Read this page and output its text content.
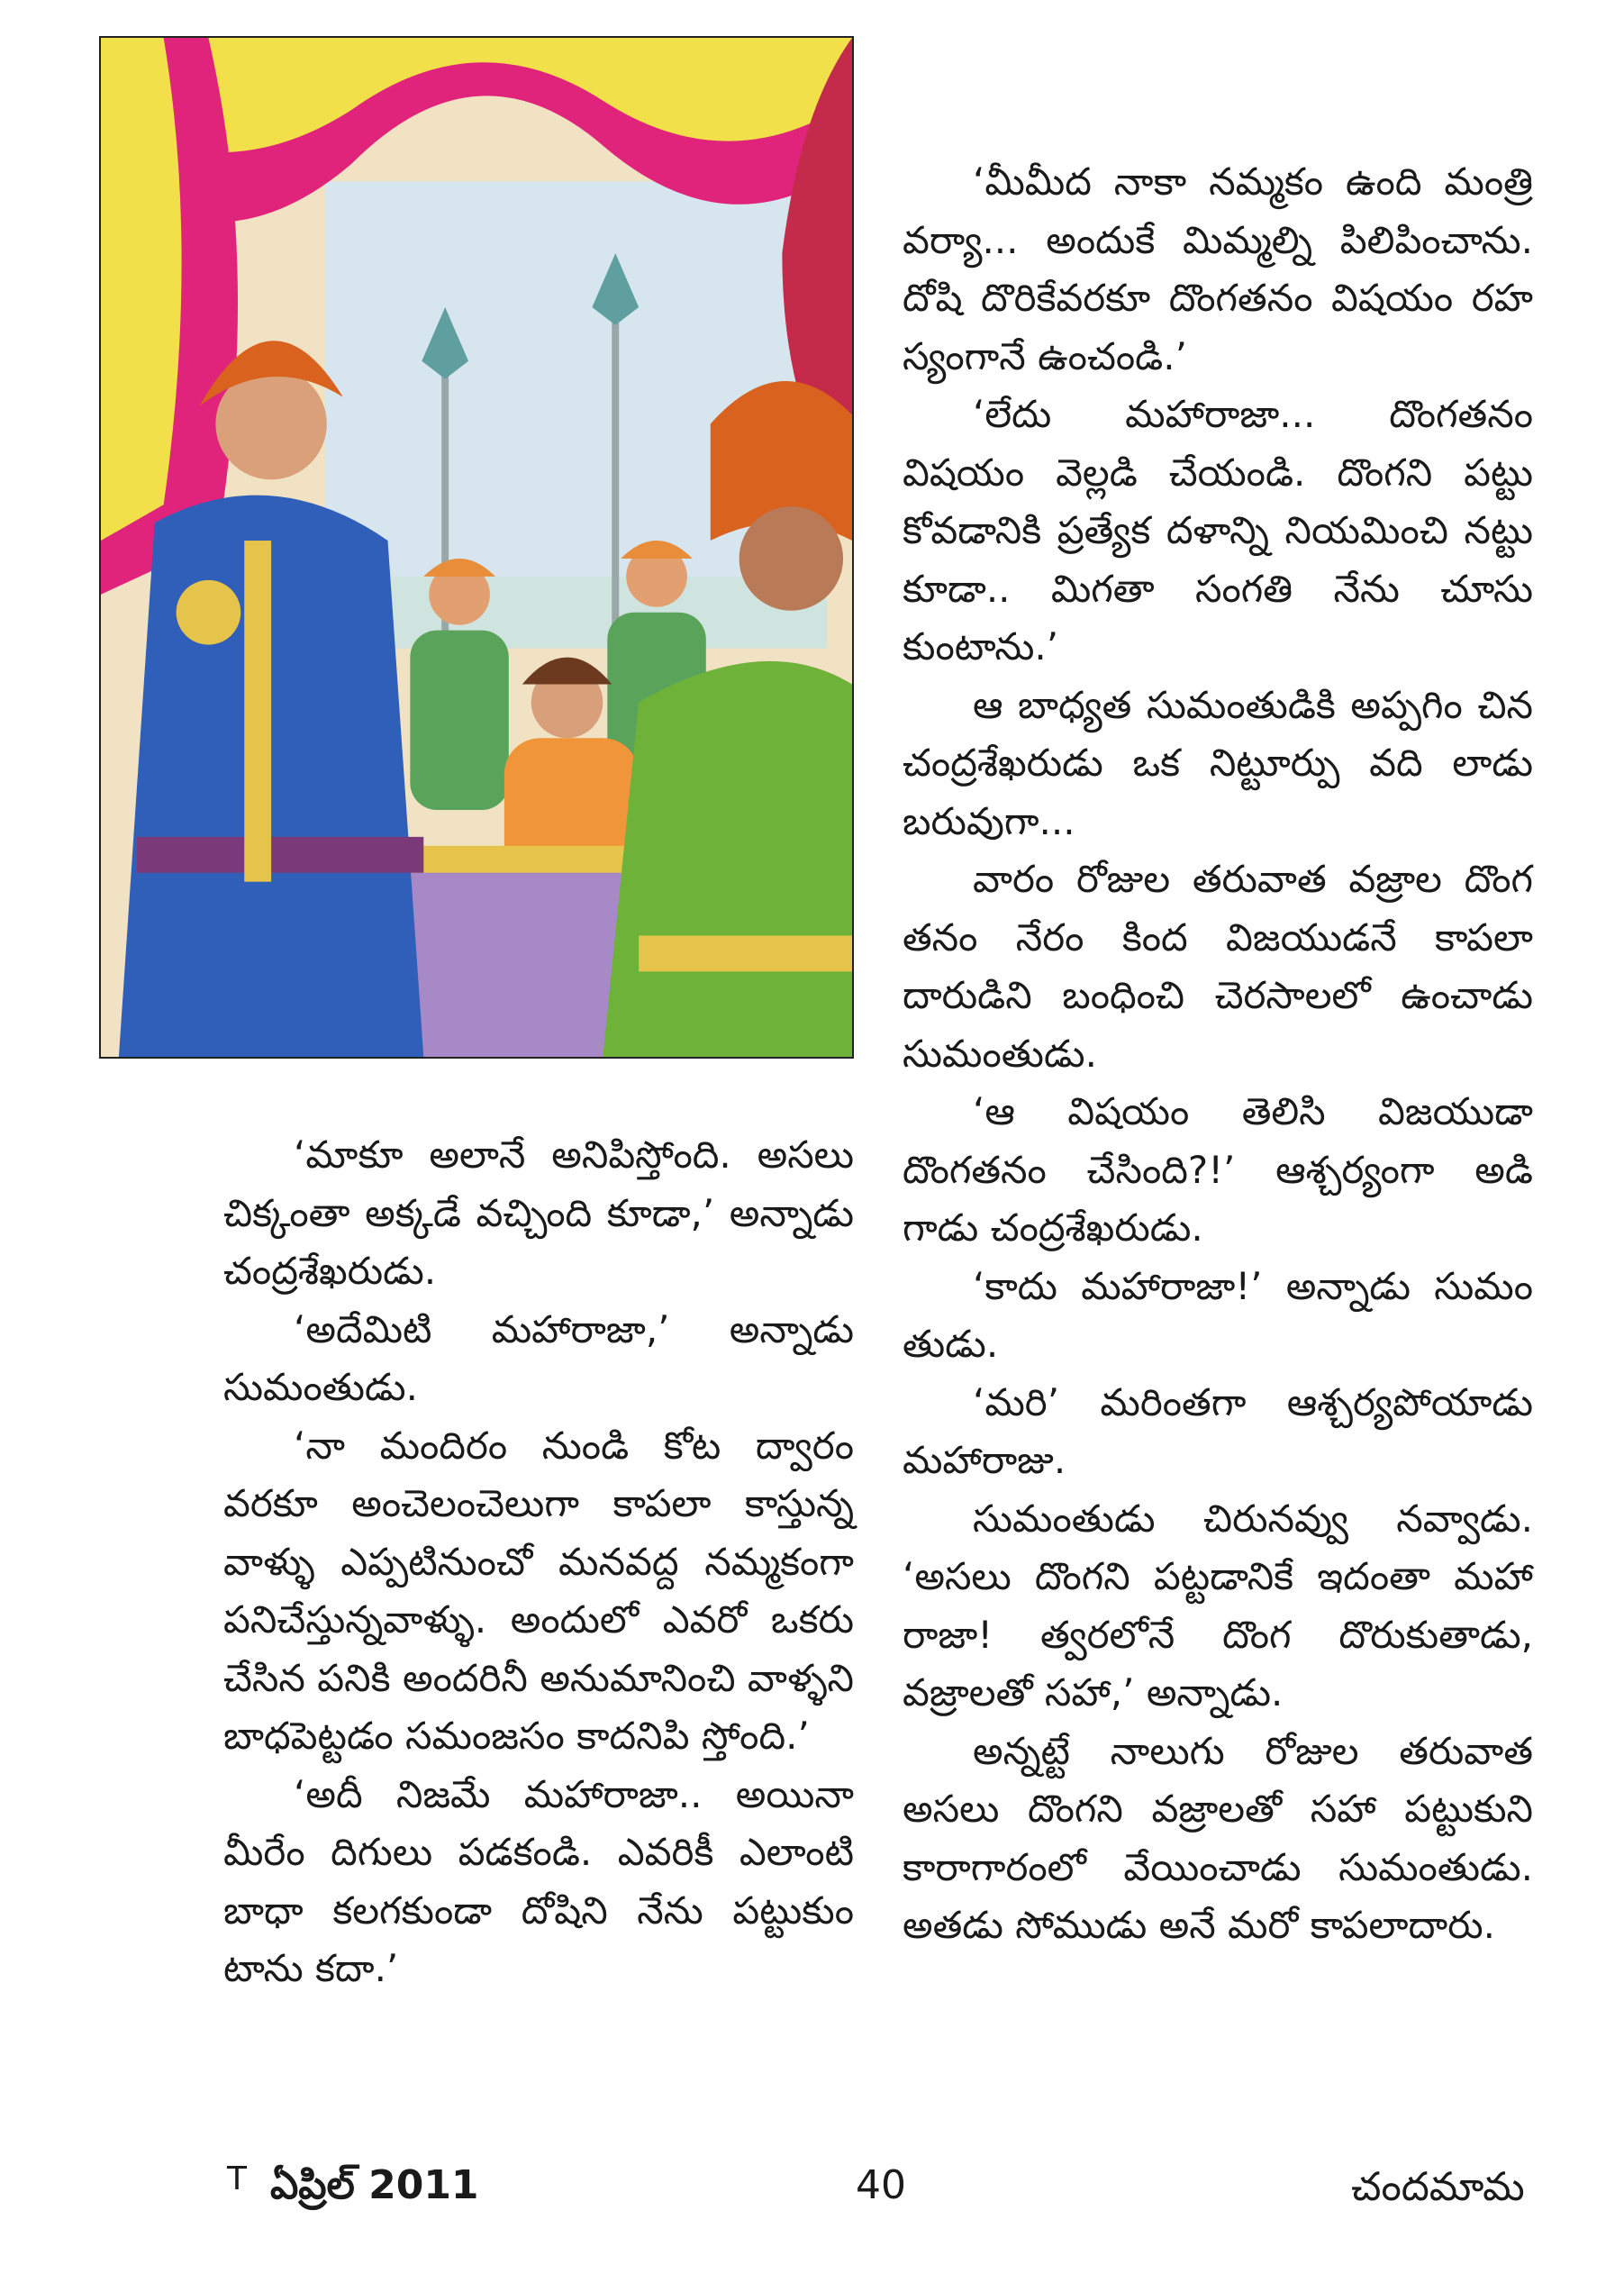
‘మీమీద నాకా నమ్మకం ఉంది మంత్రి వర్యా... అందుకే మిమ్మల్ని పిలిపించాను. దోషి దొరికేవరకూ దొంగతనం విషయం రహ స్యంగానే ఉంచండి.’

‘లేదు మహారాజా... దొంగతనం విషయం వెల్లడి చేయండి. దొంగని పట్టు కోవడానికి ప్రత్యేక దళాన్ని నియమించి నట్టు కూడా.. మిగతా సంగతి నేను చూసు కుంటాను.’

ఆ బాధ్యత సుమంతుడికి అప్పగిం చిన చంద్రశేఖరుడు ఒక నిట్టూర్పు వది లాడు బరువుగా...

వారం రోజుల తరువాత వజ్రాల దొంగ తనం నేరం కింద విజయుడనే కాపలా దారుడిని బంధించి చెరసాలలో ఉంచాడు సుమంతుడు.

‘ఆ విషయం తెలిసి విజయుడా దొంగతనం చేసింది?!’ ఆశ్చర్యంగా అడి గాడు చంద్రశేఖరుడు.

‘కాదు మహారాజా!’ అన్నాడు సుమం తుడు.

‘మరి’ మరింతగా ఆశ్చర్యపోయాడు మహారాజు.

సుమంతుడు చిరునవ్వు నవ్వాడు. ‘అసలు దొంగని పట్టడానికే ఇదంతా మహా రాజా! త్వరలోనే దొంగ దొరుకుతాడు, వజ్రాలతో సహా,’ అన్నాడు.

అన్నట్టే నాలుగు రోజుల తరువాత అసలు దొంగని వజ్రాలతో సహా పట్టుకుని కారాగారంలో వేయించాడు సుమంతుడు. అతడు సోముడు అనే మరో కాపలాదారు.

‘మాకూ అలానే అనిపిస్తోంది. అసలు చిక్కంతా అక్కడే వచ్చింది కూడా,’ అన్నాడు చంద్రశేఖరుడు.

‘అదేమిటి మహారాజా,’ అన్నాడు సుమంతుడు.

‘నా మందిరం నుండి కోట ద్వారం వరకూ అంచెలంచెలుగా కాపలా కాస్తున్న వాళ్ళు ఎప్పటినుంచో మనవద్ద నమ్మకంగా పనిచేస్తున్నవాళ్ళు. అందులో ఎవరో ఒకరు చేసిన పనికి అందరినీ అనుమానించి వాళ్ళని బాధపెట్టడం సమంజసం కాదనిపి స్తోంది.’

‘అదీ నిజమే మహారాజా.. అయినా మీరేం దిగులు పడకండి. ఎవరికీ ఎలాంటి బాధా కలగకుండా దోషిని నేను పట్టుకుం టాను కదా.’

T ఏప్రిల్ 2011	40	చందమామ
